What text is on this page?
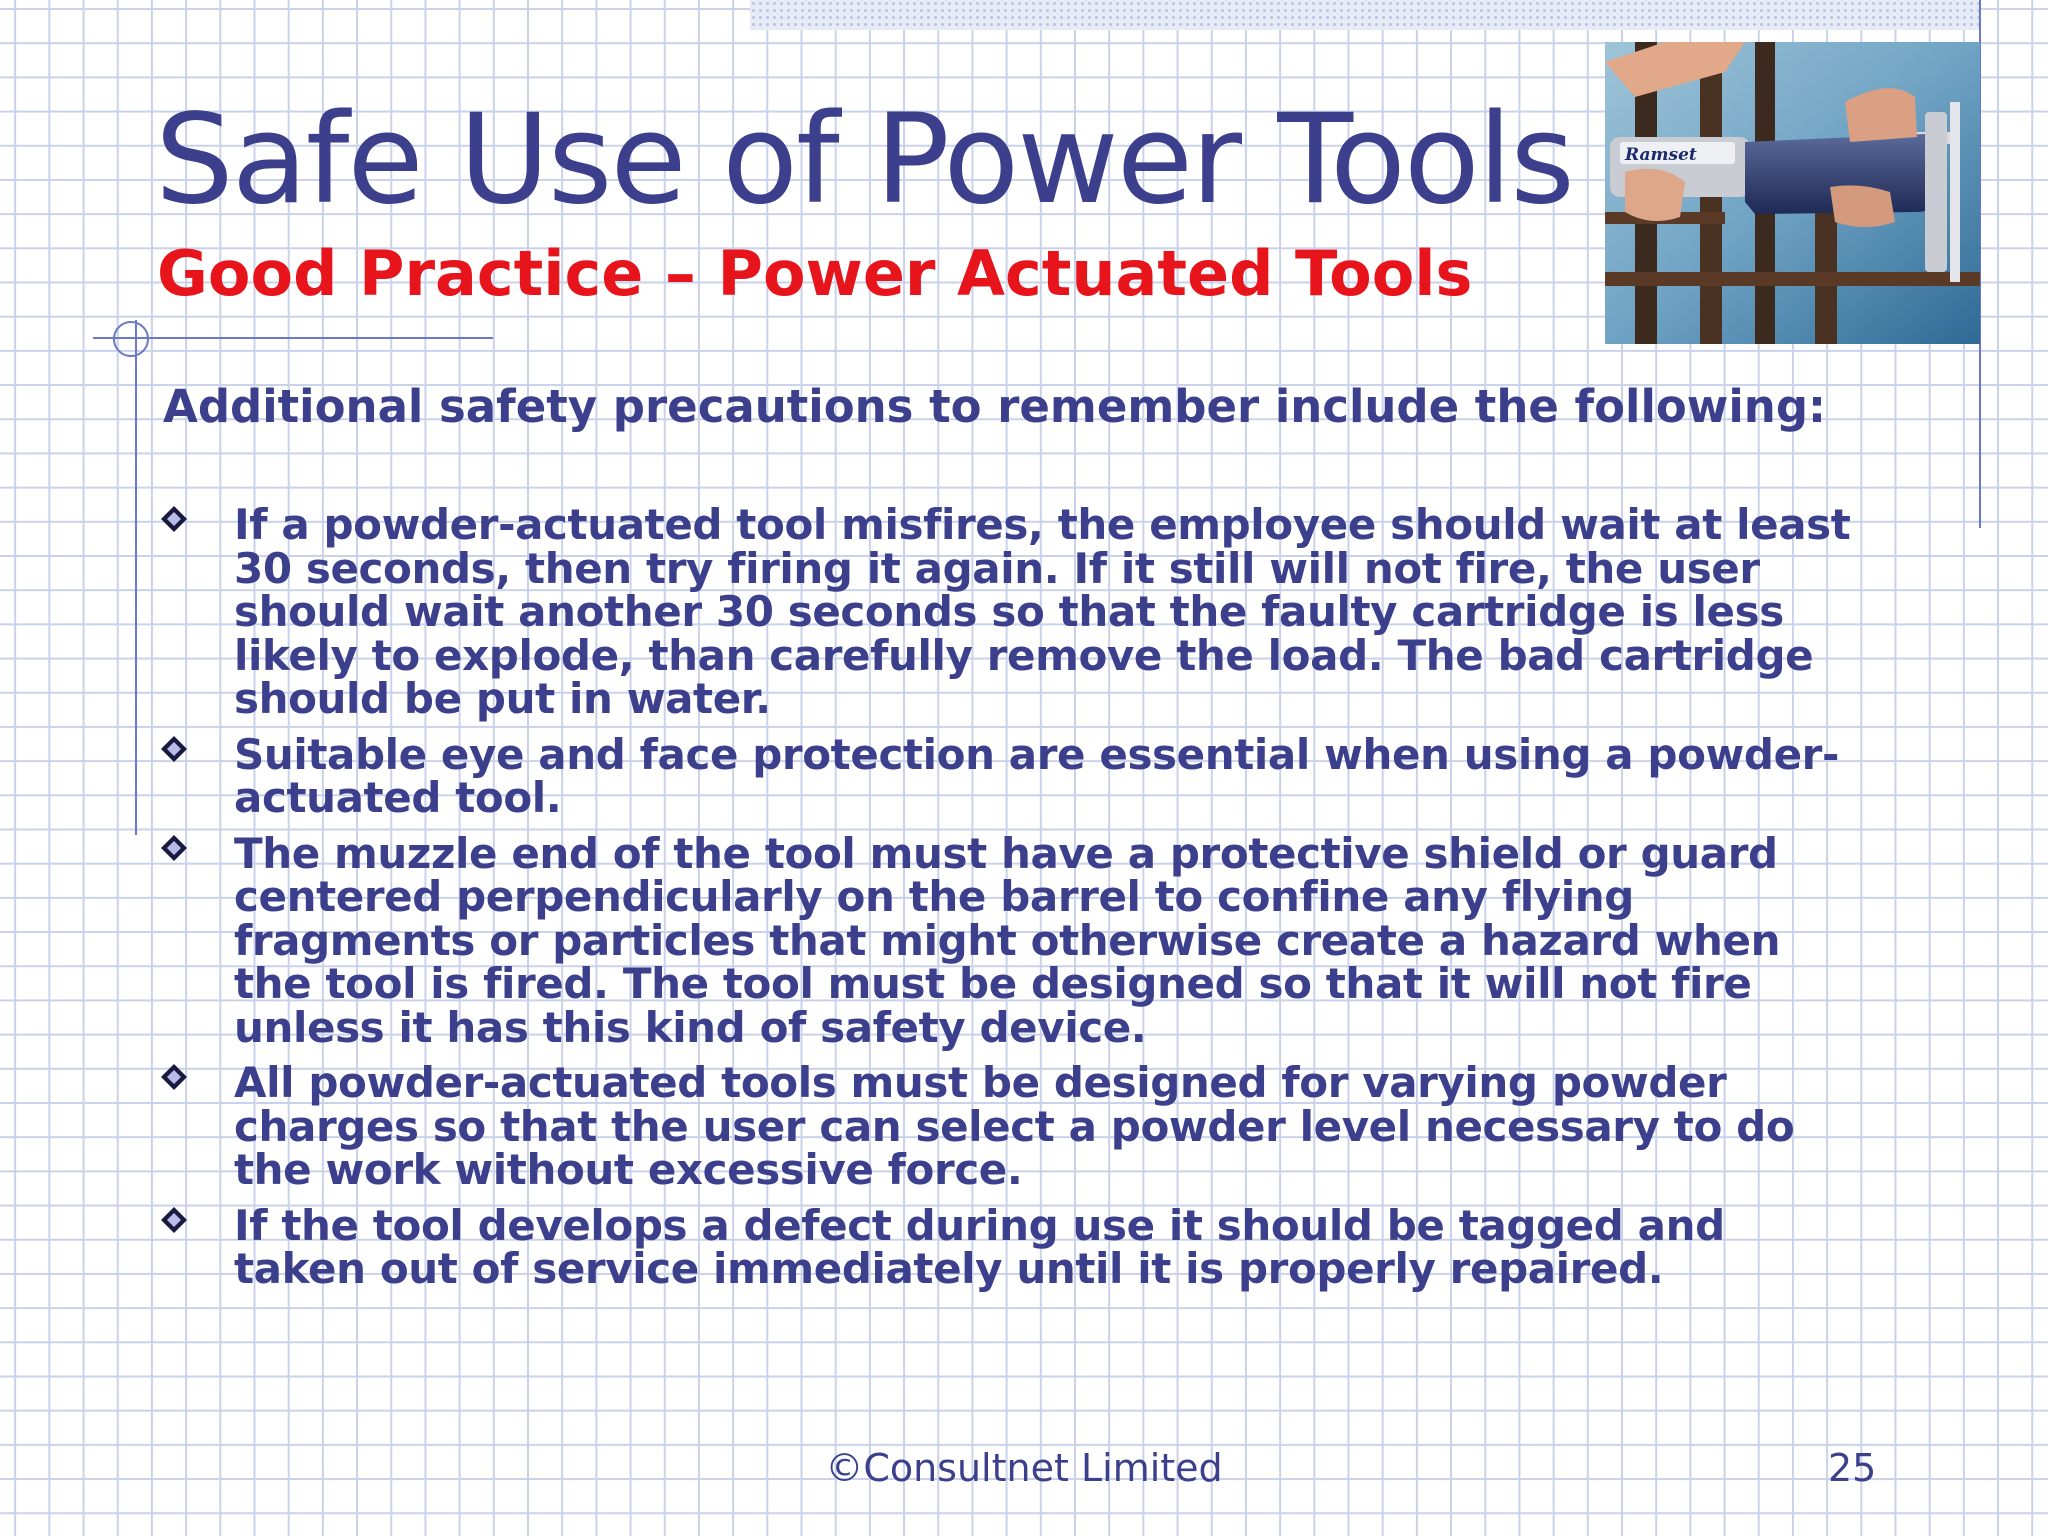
Safe Use of Power Tools
Good Practice – Power Actuated Tools
Ramset

Additional safety precautions to remember include the following:

If a powder-actuated tool misfires, the employee should wait at least 30 seconds, then try firing it again. If it still will not fire, the user should wait another 30 seconds so that the faulty cartridge is less likely to explode, than carefully remove the load. The bad cartridge should be put in water.
Suitable eye and face protection are essential when using a powder-actuated tool.
The muzzle end of the tool must have a protective shield or guard centered perpendicularly on the barrel to confine any flying fragments or particles that might otherwise create a hazard when the tool is fired. The tool must be designed so that it will not fire unless it has this kind of safety device.
All powder-actuated tools must be designed for varying powder charges so that the user can select a powder level necessary to do the work without excessive force.
If the tool develops a defect during use it should be tagged and taken out of service immediately until it is properly repaired.
©Consultnet Limited	25
